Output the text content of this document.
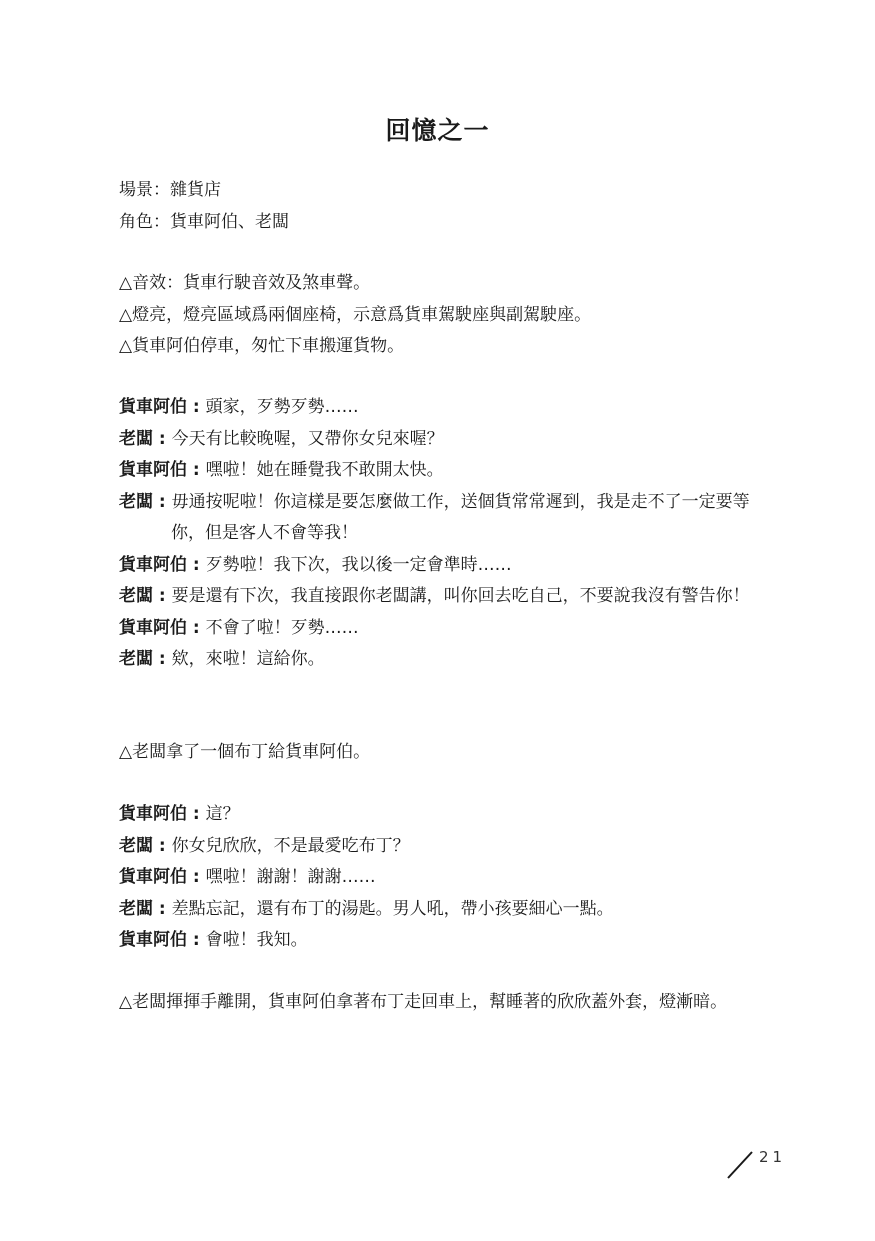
回憶之一
場景：雜貨店
角色：貨車阿伯、老闆
△音效：貨車行駛音效及煞車聲。
△燈亮，燈亮區域爲兩個座椅，示意爲貨車駕駛座與副駕駛座。
△貨車阿伯停車，匆忙下車搬運貨物。
貨車阿伯 : 頭家，歹勢歹勢……
老闆 : 今天有比較晚喔，又帶你女兒來喔？
貨車阿伯 : 嘿啦！她在睡覺我不敢開太快。
老闆 : 毋通按呢啦！你這樣是要怎麼做工作，送個貨常常遲到，我是走不了一定要等你，但是客人不會等我！
貨車阿伯 : 歹勢啦！我下次，我以後一定會準時……
老闆 : 要是還有下次，我直接跟你老闆講，叫你回去吃自己，不要說我沒有警告你！
貨車阿伯 : 不會了啦！歹勢……
老闆 : 欸，來啦！這給你。
△老闆拿了一個布丁給貨車阿伯。
貨車阿伯 : 這？
老闆 : 你女兒欣欣，不是最愛吃布丁？
貨車阿伯 : 嘿啦！謝謝！謝謝……
老闆 : 差點忘記，還有布丁的湯匙。男人吼，帶小孩要細心一點。
貨車阿伯 : 會啦！我知。
△老闆揮揮手離開，貨車阿伯拿著布丁走回車上，幫睡著的欣欣蓋外套，燈漸暗。
21
